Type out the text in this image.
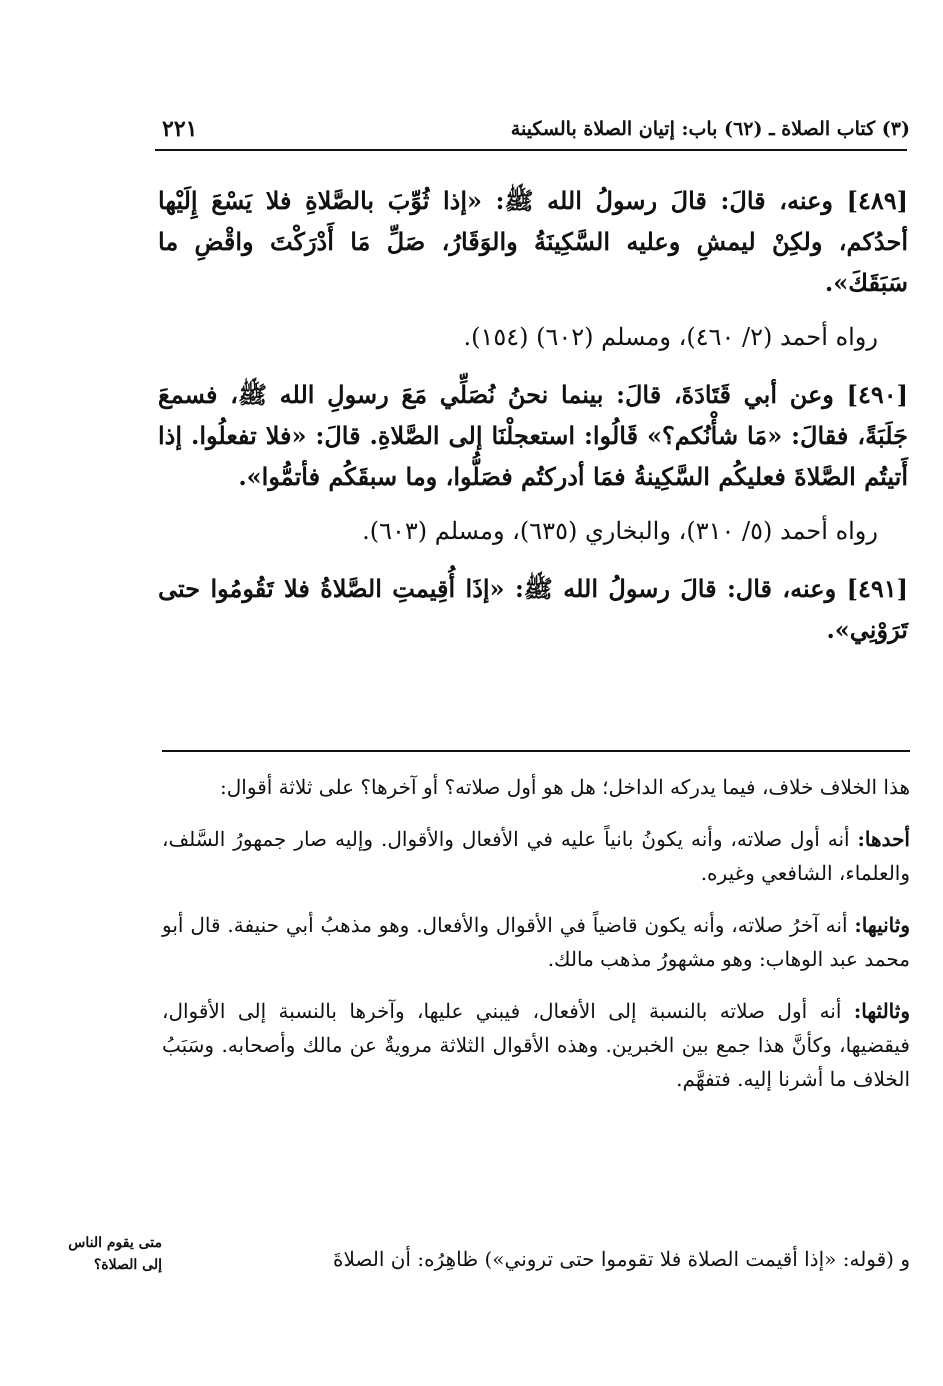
(٣) كتاب الصلاة ـ (٦٢) باب: إتيان الصلاة بالسكينة
٢٢١

[٤٨٩] وعنه، قالَ: قالَ رسولُ الله ﷺ: «إذا ثُوِّبَ بالصَّلاةِ فلا يَسْعَ إِلَيْها أحدُكم، ولكِنْ ليمشِ وعليه السَّكِينَةُ والوَقَارُ، صَلِّ مَا أَدْرَكْتَ واقْضِ ما سَبَقَكَ».

رواه أحمد (٢/ ٤٦٠)، ومسلم (٦٠٢) (١٥٤).

[٤٩٠] وعن أبي قَتَادَةَ، قالَ: بينما نحنُ نُصَلِّي مَعَ رسولِ الله ﷺ، فسمعَ جَلَبَةً، فقالَ: «مَا شأْنُكم؟» قَالُوا: استعجلْنَا إلى الصَّلاةِ. قالَ: «فلا تفعلُوا. إذا أَتيتُم الصَّلاةَ فعليكُم السَّكِينةُ فمَا أدركتُم فصَلُّوا، وما سبقَكُم فأتمُّوا».

رواه أحمد (٥/ ٣١٠)، والبخاري (٦٣٥)، ومسلم (٦٠٣).

[٤٩١] وعنه، قال: قالَ رسولُ الله ﷺ: «إذَا أُقِيمتِ الصَّلاةُ فلا تَقُومُوا حتى تَرَوْنِي».

هذا الخلاف خلاف، فيما يدركه الداخل؛ هل هو أول صلاته؟ أو آخرها؟ على ثلاثة أقوال:

أحدها: أنه أول صلاته، وأنه يكونُ بانياً عليه في الأفعال والأقوال. وإليه صار جمهورُ السَّلف، والعلماء، الشافعي وغيره.

وثانيها: أنه آخرُ صلاته، وأنه يكون قاضياً في الأقوال والأفعال. وهو مذهبُ أبي حنيفة. قال أبو محمد عبد الوهاب: وهو مشهورُ مذهب مالك.

وثالثها: أنه أول صلاته بالنسبة إلى الأفعال، فيبني عليها، وآخرها بالنسبة إلى الأقوال، فيقضيها، وكأنَّ هذا جمع بين الخبرين. وهذه الأقوال الثلاثة مرويةٌ عن مالك وأصحابه. وسَبَبُ الخلاف ما أشرنا إليه. فتفهَّم.

متى يقوم الناس إلى الصلاة؟	و (قوله: «إذا أقيمت الصلاة فلا تقوموا حتى تروني») ظاهِرُه: أن الصلاةَ
